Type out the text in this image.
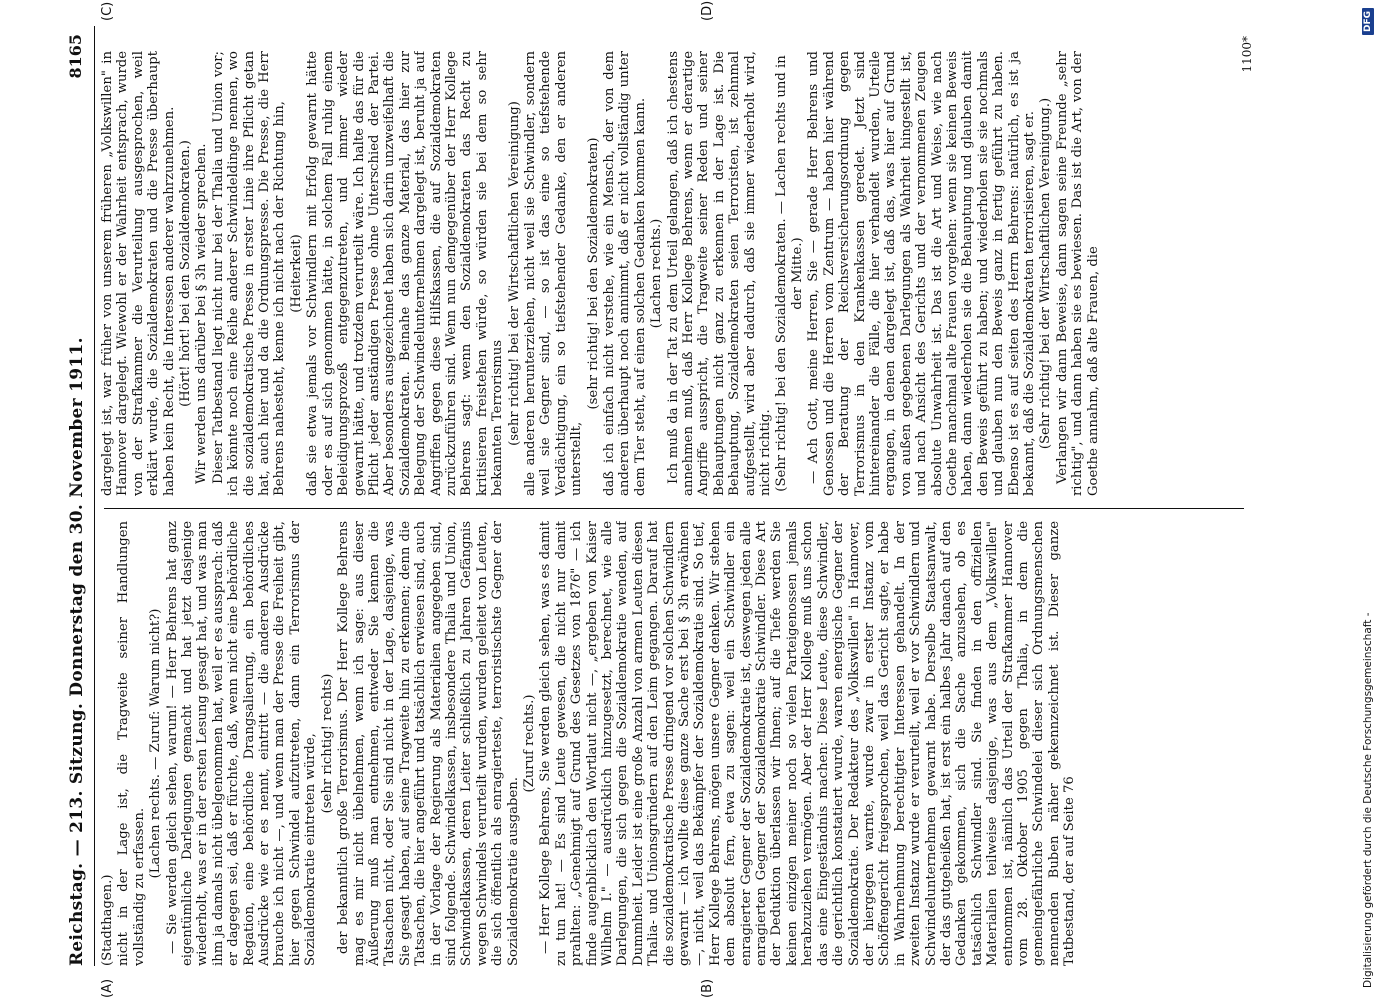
Reichstag. — 213. Sitzung. Donnerstag den 30. November 1911.
8165

(Stadthagen.) nicht in der Lage ist, die Tragweite seiner Handlungen vollständig zu erfassen.

(Lachen rechts. — Zuruf: Warum nicht?) — Sie werden gleich sehen, warum! — Herr Behrens hat ganz eigentümliche Darlegungen gemacht und hat jetzt dasjenige wiederholt, was er in der ersten Lesung gesagt hat, und was man ihm ja damals nicht übelgenommen hat, weil er es aussprach: daß er dagegen sei, daß er fürchte, daß, wenn nicht eine behördliche Regation, eine behördliche Drangsalierung, ein behördliches Ausdrücke wie er es nennt, eintritt — die anderen Ausdrücke brauche ich nicht —, und wenn man der Presse die Freiheit gibt, hier gegen Schwindel aufzutreten, dann ein Terrorismus der Sozialdemokratie eintreten würde, (sehr richtig! rechts) der bekanntlich große Terrorismus. Der Herr Kollege Behrens mag es mir nicht übelnehmen, wenn ich sage: aus dieser Äußerung muß man entnehmen, entweder Sie kennen die Tatsachen nicht, oder Sie sind nicht in der Lage, dasjenige, was Sie gesagt haben, auf seine Tragweite hin zu erkennen; denn die Tatsachen, die hier angeführt und tatsächlich erwiesen sind, auch in der Vorlage der Regierung als Materialien angegeben sind, sind folgende. Schwindelkassen, insbesondere Thalia und Union, Schwindelkassen, deren Leiter schließlich zu Jahren Gefängnis wegen Schwindels verurteilt wurden, wurden geleitet von Leuten, die sich öffentlich als enragierteste, terroristischste Gegner der Sozialdemokratie ausgaben.

(Zuruf rechts.) — Herr Kollege Behrens, Sie werden gleich sehen, was es damit zu tun hat! — Es sind Leute gewesen, die nicht nur damit prahlten: „Genehmigt auf Grund des Gesetzes von 1876" — ich finde augenblicklich den Wortlaut nicht —, „ergeben von Kaiser Wilhelm I." — ausdrücklich hinzugesetzt, berechnet, wie alle Darlegungen, die sich gegen die Sozialdemokratie wenden, auf Dummheit. Leider ist eine große Anzahl von armen Leuten diesen Thalia- und Unionsgründern auf den Leim gegangen. Darauf hat die sozialdemokratische Presse dringend vor solchen Schwindlern gewarnt — ich wollte diese ganze Sache erst bei § 3h erwähnen —, nicht, weil das Bekämpfer der Sozialdemokratie sind. So tief, Herr Kollege Behrens, mögen unsere Gegner denken. Wir stehen dem absolut fern, etwa zu sagen: weil ein Schwindler ein enragierter Gegner der Sozialdemokratie ist, deswegen jeden alle enragierten Gegner der Sozialdemokratie Schwindler. Diese Art der Deduktion überlassen wir Ihnen; auf die Tiefe werden Sie keinen einzigen meiner noch so vielen Parteigenossen jemals herabzuziehen vermögen. Aber der Herr Kollege muß uns schon das eine Eingeständnis machen: Diese Leute, diese Schwindler, die gerichtlich konstatiert wurde, waren energische Gegner der Sozialdemokratie. Der Redakteur des „Volkswillen" in Hannover, der hiergegen warnte, wurde zwar in erster Instanz vom Schöffengericht freigesprochen, weil das Gericht sagte, er habe in Wahrnehmung berechtigter Interessen gehandelt. In der zweiten Instanz wurde er verurteilt, weil er vor Schwindlern und Schwindelunternehmen gewarnt habe. Derselbe Staatsanwalt, der das gutgeheißen hat, ist erst ein halbes Jahr danach auf den Gedanken gekommen, sich die Sache anzusehen, ob es tatsächlich Schwindler sind. Sie finden in den offiziellen Materialien teilweise dasjenige, was aus dem „Volkswillen" entnommen ist, nämlich das Urteil der Strafkammer Hannover vom 28. Oktober 1905 gegen Thalia, in dem die gemeingefährliche Schwindelei dieser sich Ordnungsmenschen nennenden Buben näher gekennzeichnet ist. Dieser ganze Tatbestand, der auf Seite 76

dargelegt ist, war früher von unserem früheren „Volkswillen" in Hannover dargelegt. Wiewohl er der Wahrheit entsprach, wurde von der Strafkammer die Verurteilung ausgesprochen, weil erklärt wurde, die Sozialdemokraten und die Presse überhaupt haben kein Recht, die Interessen anderer wahrzunehmen. (Hört! hört! bei den Sozialdemokraten.) Wir werden uns darüber bei § 3h wieder sprechen. Dieser Tatbestand liegt nicht nur bei der Thalia und Union vor; ich könnte noch eine Reihe anderer Schwindeldinge nennen, wo die sozialdemokratische Presse in erster Linie ihre Pflicht getan hat, auch hier und da die Ordnungspresse. Die Presse, die Herr Behrens nahesteht, kenne ich nicht nach der Richtung hin, (Heiterkeit) daß sie etwa jemals vor Schwindlern mit Erfolg gewarnt hätte oder es auf sich genommen hätte, in solchem Fall ruhig einem Beleidigungsprozeß entgegenzutreten, und immer wieder gewarnt hätte, und trotzdem verurteilt wäre. Ich halte das für die Pflicht jeder anständigen Presse ohne Unterschied der Partei. Aber besonders ausgezeichnet haben sich darin unzweifelhaft die Sozialdemokraten. Beinahe das ganze Material, das hier zur Belegung der Schwindelunternehmen dargelegt ist, beruht ja auf Angriffen gegen diese Hilfskassen, die auf Sozialdemokraten zurückzuführen sind. Wenn nun demgegenüber der Herr Kollege Behrens sagt: wenn den Sozialdemokraten das Recht zu kritisieren freistehen würde, so würden sie bei dem so sehr bekannten Terrorismus (sehr richtig! bei der Wirtschaftlichen Vereinigung) alle anderen herunterziehen, nicht weil sie Schwindler, sondern weil sie Gegner sind, — so ist das eine so tiefstehende Verdächtigung, ein so tiefstehender Gedanke, den er anderen unterstellt,

(sehr richtig! bei den Sozialdemokraten) daß ich einfach nicht verstehe, wie ein Mensch, der von dem anderen überhaupt noch annimmt, daß er nicht vollständig unter dem Tier steht, auf einen solchen Gedanken kommen kann. (Lachen rechts.) Ich muß da in der Tat zu dem Urteil gelangen, daß ich chestens annehmen muß, daß Herr Kollege Behrens, wenn er derartige Angriffe ausspricht, die Tragweite seiner Reden und seiner Behauptungen nicht ganz zu erkennen in der Lage ist. Die Behauptung, Sozialdemokraten seien Terroristen, ist zehnmal aufgestellt, wird aber dadurch, daß sie immer wiederholt wird, nicht richtig. (Sehr richtig! bei den Sozialdemokraten. — Lachen rechts und in der Mitte.) — Ach Gott, meine Herren, Sie — gerade Herr Behrens und Genossen und die Herren vom Zentrum — haben hier während der Beratung der Reichsversicherungsordnung gegen Terrorismus in den Krankenkassen geredet. Jetzt sind hintereinander die Fälle, die hier verhandelt wurden, Urteile ergangen, in denen dargelegt ist, daß das, was hier auf Grund von außen gegebenen Darlegungen als Wahrheit hingestellt ist, und nach Ansicht des Gerichts und der vernommenen Zeugen absolute Unwahrheit ist. Das ist die Art und Weise, wie nach Goethe manchmal alte Frauen vorgehen: wenn sie keinen Beweis haben, dann wiederholen sie die Behauptung und glauben damit den Beweis geführt zu haben; und wiederholen sie sie nochmals und glauben nun den Beweis ganz in fertig geführt zu haben. Ebenso ist es auf seiten des Herrn Behrens: natürlich, es ist ja bekannt, daß die Sozialdemokraten terrorisieren, sagt er. (Sehr richtig! bei der Wirtschaftlichen Vereinigung.) Verlangen wir dann Beweise, dann sagen seine Freunde „sehr richtig", und dann haben sie es bewiesen. Das ist die Art, von der Goethe annahm, daß alte Frauen, die

(A)	(B)
(C)	(D)
1100*
Digitalisierung gefördert durch die Deutsche Forschungsgemeinschaft -
DFG
